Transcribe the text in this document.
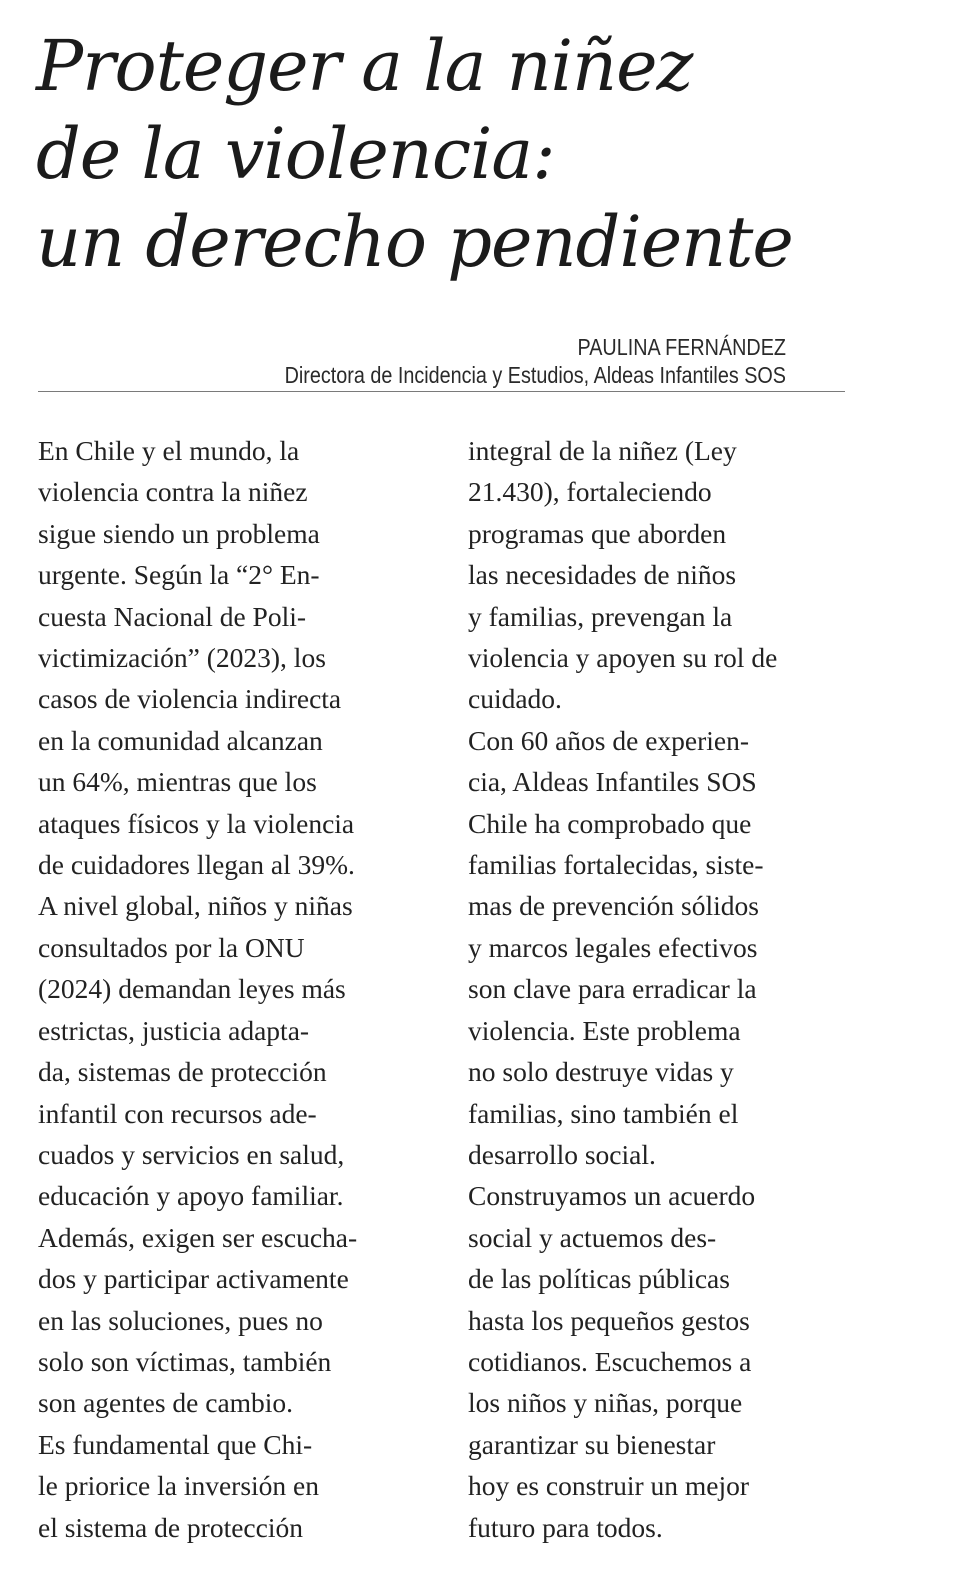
Proteger a la niñez
de la violencia:
un derecho pendiente
PAULINA FERNÁNDEZ
Directora de Incidencia y Estudios, Aldeas Infantiles SOS
En Chile y el mundo, la
violencia contra la niñez
sigue siendo un problema
urgente. Según la “2° En-
cuesta Nacional de Poli-
victimización” (2023), los
casos de violencia indirecta
en la comunidad alcanzan
un 64%, mientras que los
ataques físicos y la violencia
de cuidadores llegan al 39%.
A nivel global, niños y niñas
consultados por la ONU
(2024) demandan leyes más
estrictas, justicia adapta-
da, sistemas de protección
infantil con recursos ade-
cuados y servicios en salud,
educación y apoyo familiar.
Además, exigen ser escucha-
dos y participar activamente
en las soluciones, pues no
solo son víctimas, también
son agentes de cambio.
Es fundamental que Chi-
le priorice la inversión en
el sistema de protección
integral de la niñez (Ley
21.430), fortaleciendo
programas que aborden
las necesidades de niños
y familias, prevengan la
violencia y apoyen su rol de
cuidado.
Con 60 años de experien-
cia, Aldeas Infantiles SOS
Chile ha comprobado que
familias fortalecidas, siste-
mas de prevención sólidos
y marcos legales efectivos
son clave para erradicar la
violencia. Este problema
no solo destruye vidas y
familias, sino también el
desarrollo social.
Construyamos un acuerdo
social y actuemos des-
de las políticas públicas
hasta los pequeños gestos
cotidianos. Escuchemos a
los niños y niñas, porque
garantizar su bienestar
hoy es construir un mejor
futuro para todos.
